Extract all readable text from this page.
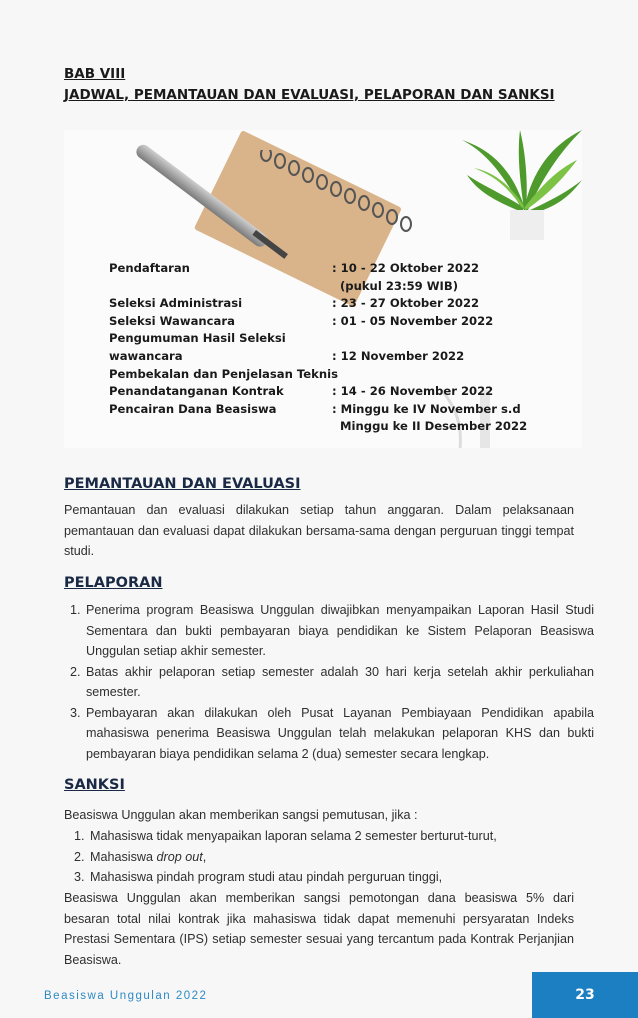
BAB VIII
JADWAL, PEMANTAUAN DAN EVALUASI, PELAPORAN DAN SANKSI
Pendaftaran	: 10 - 22 Oktober 2022
(pukul 23:59 WIB)
Seleksi Administrasi	: 23 - 27 Oktober 2022
Seleksi Wawancara	: 01 - 05 November 2022
Pengumuman Hasil Seleksi
wawancara	: 12 November 2022
Pembekalan dan Penjelasan Teknis
Penandatanganan Kontrak	: 14 - 26 November 2022
Pencairan Dana Beasiswa	: Minggu ke IV November s.d
Minggu ke II Desember 2022
PEMANTAUAN DAN EVALUASI
Pemantauan dan evaluasi dilakukan setiap tahun anggaran. Dalam pelaksanaan pemantauan dan evaluasi dapat dilakukan bersama-sama dengan perguruan tinggi tempat studi.
PELAPORAN
1. Penerima program Beasiswa Unggulan diwajibkan menyampaikan Laporan Hasil Studi Sementara dan bukti pembayaran biaya pendidikan ke Sistem Pelaporan Beasiswa Unggulan setiap akhir semester.
2. Batas akhir pelaporan setiap semester adalah 30 hari kerja setelah akhir perkuliahan semester.
3. Pembayaran akan dilakukan oleh Pusat Layanan Pembiayaan Pendidikan apabila mahasiswa penerima Beasiswa Unggulan telah melakukan pelaporan KHS dan bukti pembayaran biaya pendidikan selama 2 (dua) semester secara lengkap.
SANKSI
Beasiswa Unggulan akan memberikan sangsi pemutusan, jika :
1. Mahasiswa tidak menyapaikan laporan selama 2 semester berturut-turut,
2. Mahasiswa drop out,
3. Mahasiswa pindah program studi atau pindah perguruan tinggi,
Beasiswa Unggulan akan memberikan sangsi pemotongan dana beasiswa 5% dari besaran total nilai kontrak jika mahasiswa tidak dapat memenuhi persyaratan Indeks Prestasi Sementara (IPS) setiap semester sesuai yang tercantum pada Kontrak Perjanjian Beasiswa.
Beasiswa Unggulan 2022	23
